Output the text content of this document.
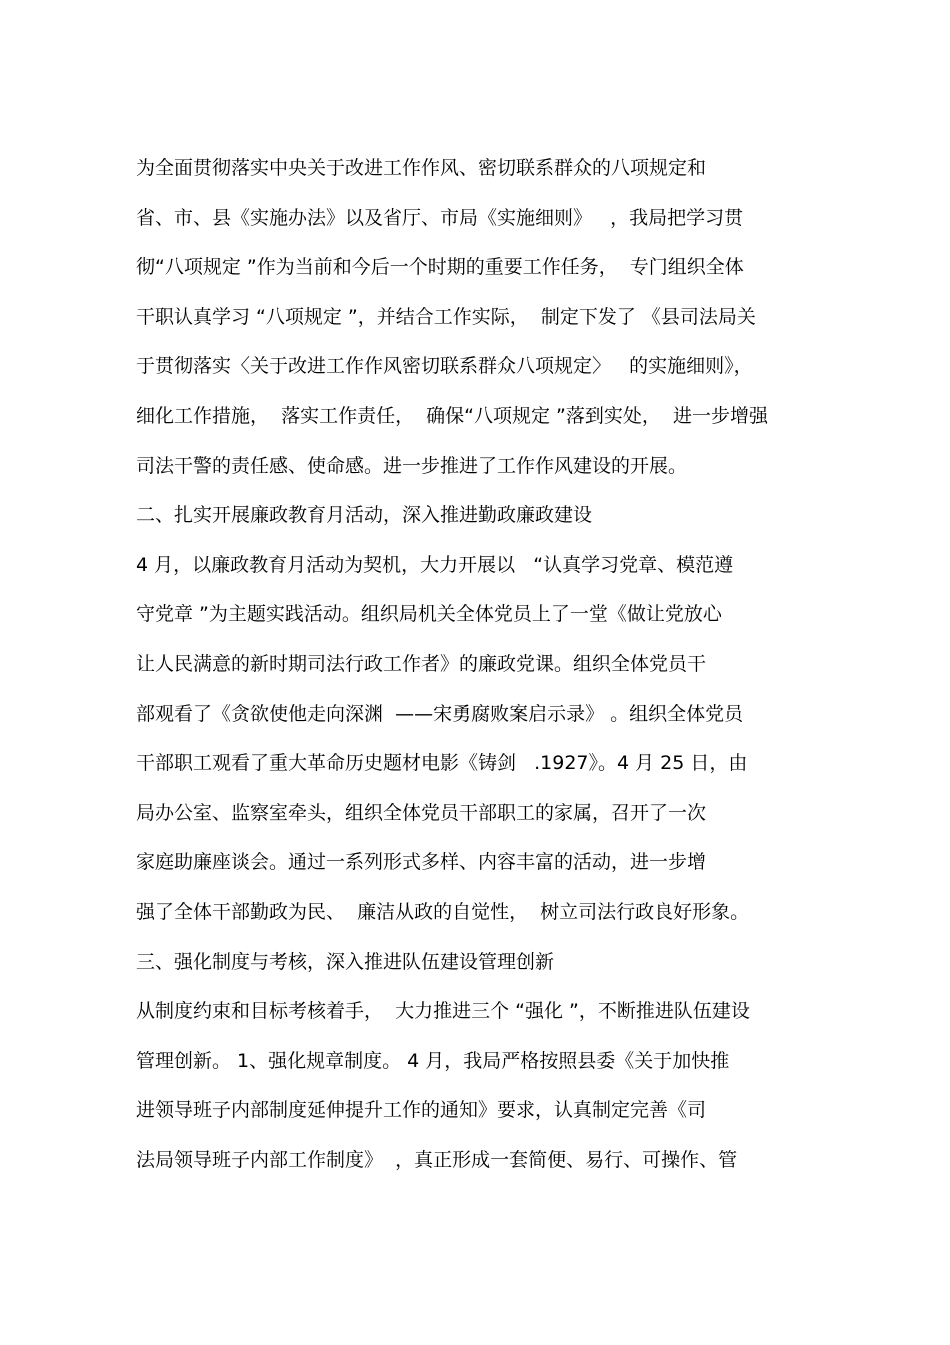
为全面贯彻落实中央关于改进工作作风、密切联系群众的八项规定和
省、市、县《实施办法》以及省厅、市局《实施细则》   ，我局把学习贯
彻“八项规定 ”作为当前和今后一个时期的重要工作任务，  专门组织全体
干职认真学习 “八项规定 ”，并结合工作实际，  制定下发了 《县司法局关
于贯彻落实〈关于改进工作作风密切联系群众八项规定〉   的实施细则》，
细化工作措施，  落实工作责任，  确保“八项规定 ”落到实处，  进一步增强
司法干警的责任感、使命感。进一步推进了工作作风建设的开展。
二、扎实开展廉政教育月活动，深入推进勤政廉政建设
4 月，以廉政教育月活动为契机，大力开展以   “认真学习党章、模范遵
守党章 ”为主题实践活动。组织局机关全体党员上了一堂《做让党放心
让人民满意的新时期司法行政工作者》的廉政党课。组织全体党员干
部观看了《贪欲使他走向深渊  ——宋勇腐败案启示录》 。组织全体党员
干部职工观看了重大革命历史题材电影《铸剑   .1927》。4 月 25 日，由
局办公室、监察室牵头，组织全体党员干部职工的家属，召开了一次
家庭助廉座谈会。通过一系列形式多样、内容丰富的活动，进一步增
强了全体干部勤政为民、  廉洁从政的自觉性，  树立司法行政良好形象。
三、强化制度与考核，深入推进队伍建设管理创新
从制度约束和目标考核着手，  大力推进三个 “强化 ”，不断推进队伍建设
管理创新。 1、强化规章制度。 4 月，我局严格按照县委《关于加快推
进领导班子内部制度延伸提升工作的通知》要求，认真制定完善《司
法局领导班子内部工作制度》  ，真正形成一套简便、易行、可操作、管
